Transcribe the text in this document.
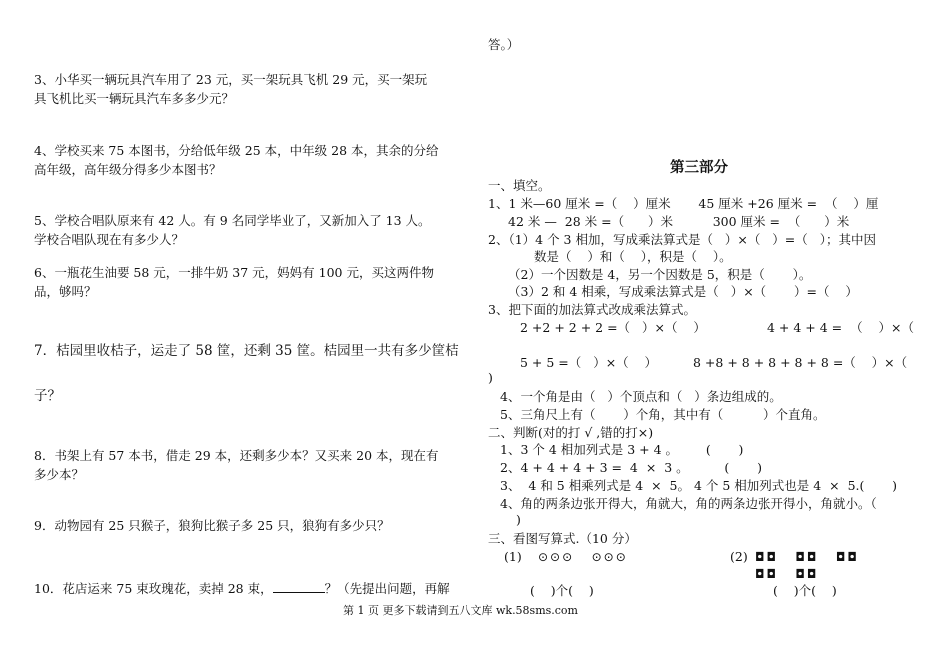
3、小华买一辆玩具汽车用了 23 元，买一架玩具飞机 29 元，买一架玩
具飞机比买一辆玩具汽车多多少元？
4、学校买来 75 本图书，分给低年级 25 本，中年级 28 本，其余的分给
高年级，高年级分得多少本图书？
5、学校合唱队原来有 42 人。有 9 名同学毕业了，又新加入了 13 人。
学校合唱队现在有多少人？
6、一瓶花生油要 58 元，一排牛奶 37 元，妈妈有 100 元，买这两件物
品，够吗？
7．桔园里收桔子，运走了 58 筐，还剩 35 筐。桔园里一共有多少筐桔
子？
8．书架上有 57 本书，借走 29 本，还剩多少本？又买来 20 本，现在有
多少本？
9．动物园有 25 只猴子，狼狗比猴子多 25 只，狼狗有多少只？
10．花店运来 75 束玫瑰花，卖掉 28 束，	？（先提出问题，再解
答。）
第三部分
一、填空。
1、1 米—60 厘米 =（    ）厘米       45 厘米 +26 厘米 =  （    ）厘
42 米 —  28 米 =（      ）米          300 厘米 =  （      ）米
2、（1）4 个 3 相加，写成乘法算式是（   ）×（   ）=（   ）；其中因
数是（    ）和（    ），积是（    ）。
（2）一个因数是 4，另一个因数是 5，积是（       ）。
（3）2 和 4 相乘，写成乘法算式是（   ）×（       ）=（    ）
3、把下面的加法算式改成乘法算式。
2 +2 + 2 + 2 =（   ）×（    ）	4 + 4 + 4 =  （    ）×（
5 + 5 =（   ）×（    ）	8 +8 + 8 + 8 + 8 + 8 =（    ）×（
)
4、一个角是由（   ）个顶点和（   ）条边组成的。
5、三角尺上有（       ）个角，其中有（          ）个直角。
二、判断(对的打 √ ,错的打×)
1、3 个 4 相加列式是 3 + 4 。       (       )
2、4 + 4 + 4 + 3 =  4  ×  3 。         (       )
3、  4 和 5 相乘列式是 4  ×  5。 4 个 5 相加列式也是 4  ×  5.(       )
4、角的两条边张开得大，角就大，角的两条边张开得小，角就小。（
)
三、看图写算式.（10 分）
(1) ⊙⊙⊙   ⊙⊙⊙
(    )个(    )
(2) ◘◘   ◘◘   ◘◘
◘◘   ◘◘
(    )个(    )
第 1 页 更多下载请到五八文库 wk.58sms.com
